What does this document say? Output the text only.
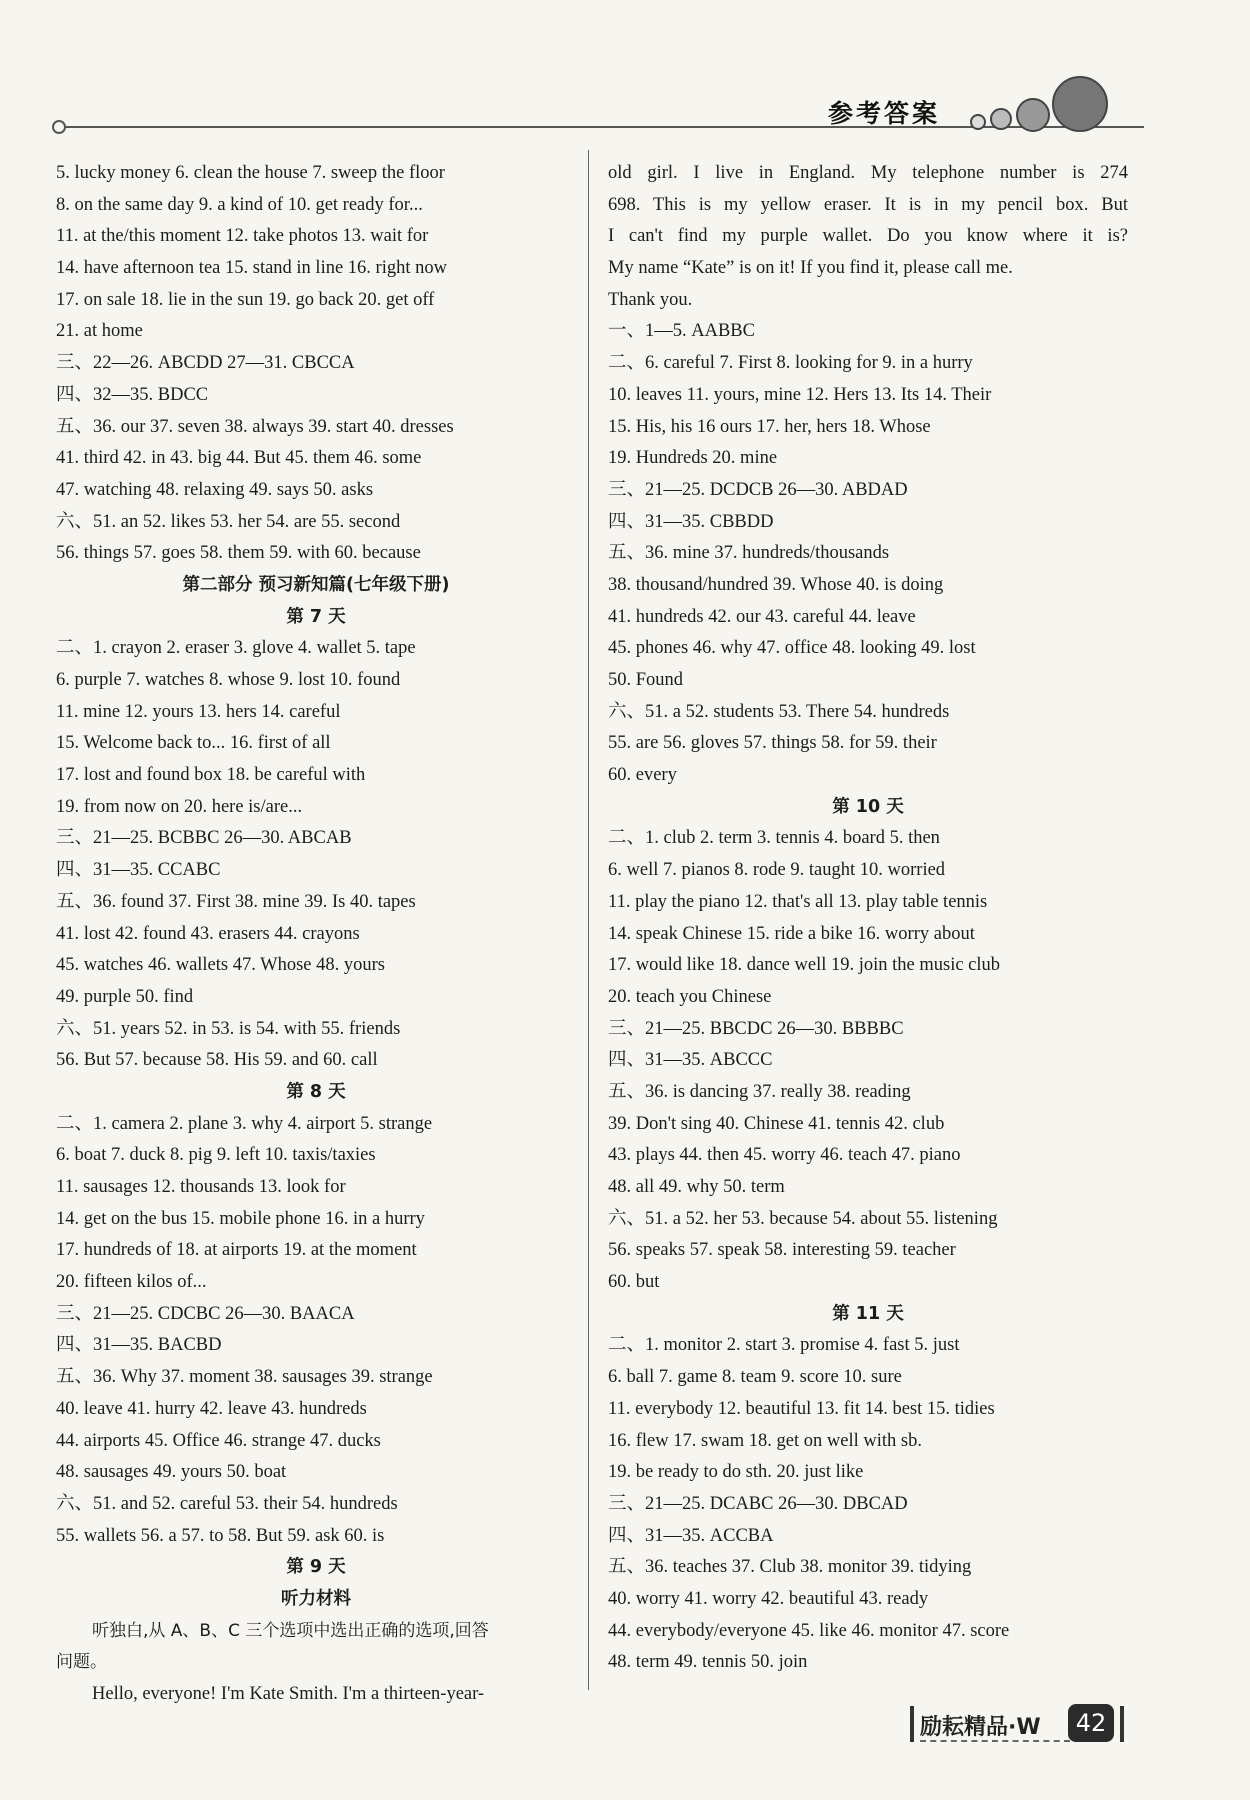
参考答案
5. lucky money 6. clean the house 7. sweep the floor
8. on the same day 9. a kind of 10. get ready for...
11. at the/this moment 12. take photos 13. wait for
14. have afternoon tea 15. stand in line 16. right now
17. on sale 18. lie in the sun 19. go back 20. get off
21. at home
三、22—26. ABCDD 27—31. CBCCA
四、32—35. BDCC
五、36. our 37. seven 38. always 39. start 40. dresses
41. third 42. in 43. big 44. But 45. them 46. some
47. watching 48. relaxing 49. says 50. asks
六、51. an 52. likes 53. her 54. are 55. second
56. things 57. goes 58. them 59. with 60. because
第二部分 预习新知篇(七年级下册)
第 7 天
二、1. crayon 2. eraser 3. glove 4. wallet 5. tape
6. purple 7. watches 8. whose 9. lost 10. found
11. mine 12. yours 13. hers 14. careful
15. Welcome back to... 16. first of all
17. lost and found box 18. be careful with
19. from now on 20. here is/are...
三、21—25. BCBBC 26—30. ABCAB
四、31—35. CCABC
五、36. found 37. First 38. mine 39. Is 40. tapes
41. lost 42. found 43. erasers 44. crayons
45. watches 46. wallets 47. Whose 48. yours
49. purple 50. find
六、51. years 52. in 53. is 54. with 55. friends
56. But 57. because 58. His 59. and 60. call
第 8 天
二、1. camera 2. plane 3. why 4. airport 5. strange
6. boat 7. duck 8. pig 9. left 10. taxis/taxies
11. sausages 12. thousands 13. look for
14. get on the bus 15. mobile phone 16. in a hurry
17. hundreds of 18. at airports 19. at the moment
20. fifteen kilos of...
三、21—25. CDCBC 26—30. BAACA
四、31—35. BACBD
五、36. Why 37. moment 38. sausages 39. strange
40. leave 41. hurry 42. leave 43. hundreds
44. airports 45. Office 46. strange 47. ducks
48. sausages 49. yours 50. boat
六、51. and 52. careful 53. their 54. hundreds
55. wallets 56. a 57. to 58. But 59. ask 60. is
第 9 天
听力材料
听独白,从 A、B、C 三个选项中选出正确的选项,回答
问题。
Hello, everyone! I'm Kate Smith. I'm a thirteen-year-
old girl. I live in England. My telephone number is 274
698. This is my yellow eraser. It is in my pencil box. But
I can't find my purple wallet. Do you know where it is?
My name “Kate” is on it! If you find it, please call me.
Thank you.
一、1—5. AABBC
二、6. careful 7. First 8. looking for 9. in a hurry
10. leaves 11. yours, mine 12. Hers 13. Its 14. Their
15. His, his 16 ours 17. her, hers 18. Whose
19. Hundreds 20. mine
三、21—25. DCDCB 26—30. ABDAD
四、31—35. CBBDD
五、36. mine 37. hundreds/thousands
38. thousand/hundred 39. Whose 40. is doing
41. hundreds 42. our 43. careful 44. leave
45. phones 46. why 47. office 48. looking 49. lost
50. Found
六、51. a 52. students 53. There 54. hundreds
55. are 56. gloves 57. things 58. for 59. their
60. every
第 10 天
二、1. club 2. term 3. tennis 4. board 5. then
6. well 7. pianos 8. rode 9. taught 10. worried
11. play the piano 12. that's all 13. play table tennis
14. speak Chinese 15. ride a bike 16. worry about
17. would like 18. dance well 19. join the music club
20. teach you Chinese
三、21—25. BBCDC 26—30. BBBBC
四、31—35. ABCCC
五、36. is dancing 37. really 38. reading
39. Don't sing 40. Chinese 41. tennis 42. club
43. plays 44. then 45. worry 46. teach 47. piano
48. all 49. why 50. term
六、51. a 52. her 53. because 54. about 55. listening
56. speaks 57. speak 58. interesting 59. teacher
60. but
第 11 天
二、1. monitor 2. start 3. promise 4. fast 5. just
6. ball 7. game 8. team 9. score 10. sure
11. everybody 12. beautiful 13. fit 14. best 15. tidies
16. flew 17. swam 18. get on well with sb.
19. be ready to do sth. 20. just like
三、21—25. DCABC 26—30. DBCAD
四、31—35. ACCBA
五、36. teaches 37. Club 38. monitor 39. tidying
40. worry 41. worry 42. beautiful 43. ready
44. everybody/everyone 45. like 46. monitor 47. score
48. term 49. tennis 50. join
励耘精品·W	42
